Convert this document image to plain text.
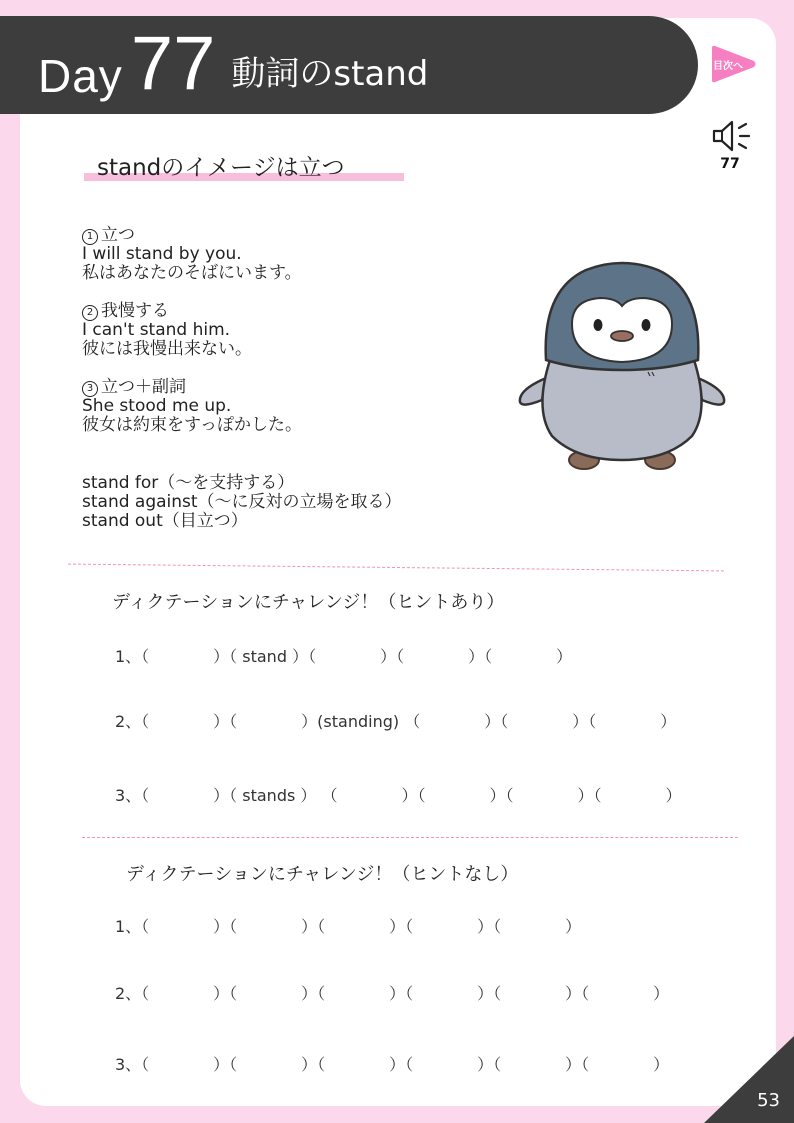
Day 77 動詞のstand	目次へ
77
standのイメージは立つ
1 立つ
I will stand by you.
私はあなたのそばにいます。
2 我慢する
I can't stand him.
彼には我慢出来ない。
3 立つ＋副詞
She stood me up.
彼女は約束をすっぽかした。
stand for（〜を支持する）
stand against（〜に反対の立場を取る）
stand out（目立つ）
ディクテーションにチャレンジ！（ヒントあり）
1、（　　　　）（ stand ）（　　　　）（　　　　）（　　　　）
2、（　　　　）（　　　　）(standing) （　　　　）（　　　　）（　　　　）
3、（　　　　）（ stands ） （　　　　）（　　　　）（　　　　）（　　　　）
ディクテーションにチャレンジ！（ヒントなし）
1、（　　　　）（　　　　）（　　　　）（　　　　）（　　　　）
2、（　　　　）（　　　　）（　　　　）（　　　　）（　　　　）（　　　　）
3、（　　　　）（　　　　）（　　　　）（　　　　）（　　　　）（　　　　）
53
